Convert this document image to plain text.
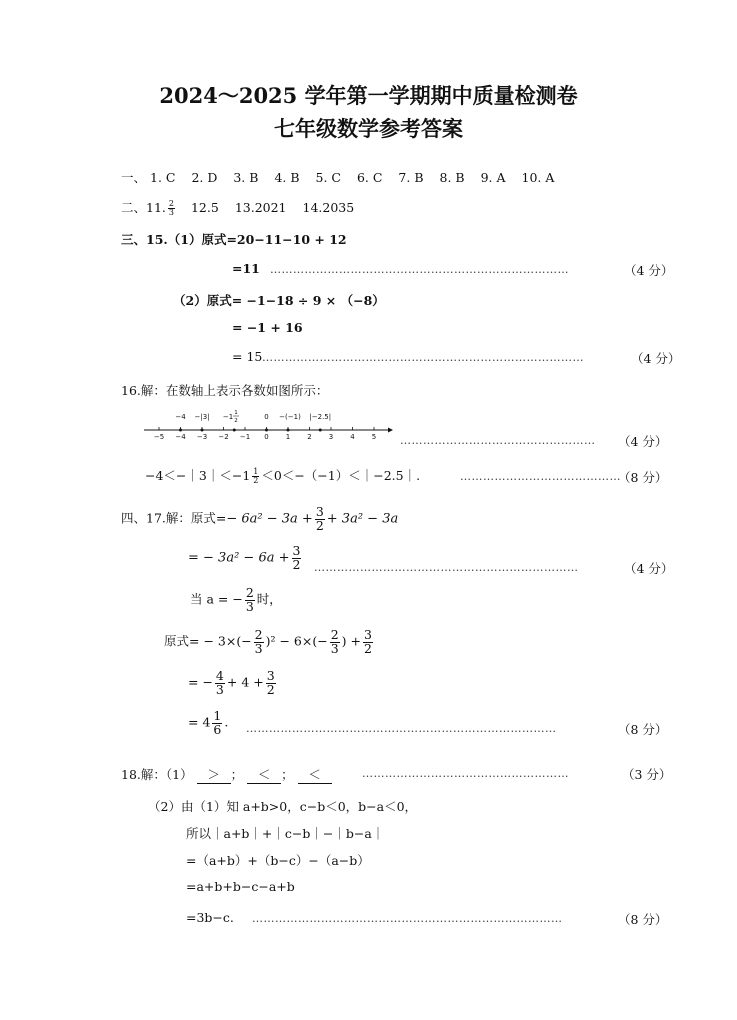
2024～2025 学年第一学期期中质量检测卷
七年级数学参考答案
一、 1. C 2. D 3. B 4. B 5. C 6. C 7. B 8. B 9. A 10. A
二、11. $\frac{2}{3} 12.5$ 13.2021 14.2035
三、15.（1）原式=20−11−10 + 12
=11 ……………………………………………………………………	（4 分）
（2）原式= −1−18 ÷ 9 × （−8）
= −1 + 16
= 15 …………………………………………………………………………	（4 分）
16.解：在数轴上表示各数如图所示：
−5 −4 −3 −2 −1 0 1 2 3 4 5
−4 −|3| −1 1
2	0 −(−1) |−2.5|
…………………………………………… （4 分）
−4＜−｜3｜＜−1 $\frac{1}{2}$ ＜0＜−（−1）＜｜−2.5｜.	……………………………………
（8 分）
四、17.解：原式=− $6a^2 - 3a + \frac{3}{2} + 3a^2 - 3a$
= − $3a^2 - 6a + \frac{3}{2}$ ……………………………………………………………	（4 分）
当 a = − $\frac{2}{3}$ 时，
原式= − $3\times(- \frac{2}{3} )^2 - 6\times(- \frac{2}{3}$ ) + $\frac{3}{2}$
= − $\frac{4}{3} + 4 + \frac{3}{2}$
= $4 \frac{1}{6}$ . ………………………………………………………………………	（8 分）
18.解：（1） ＞ ； ＜ ； ＜	………………………………………………	（3 分）
（2）由（1）知 a+b>0，c−b＜0，b−a＜0，
所以｜a+b｜+｜c−b｜−｜b−a｜
=（a+b）+（b−c）−（a−b）
=a+b+b−c−a+b
=3b−c. ………………………………………………………………………	（8 分）
